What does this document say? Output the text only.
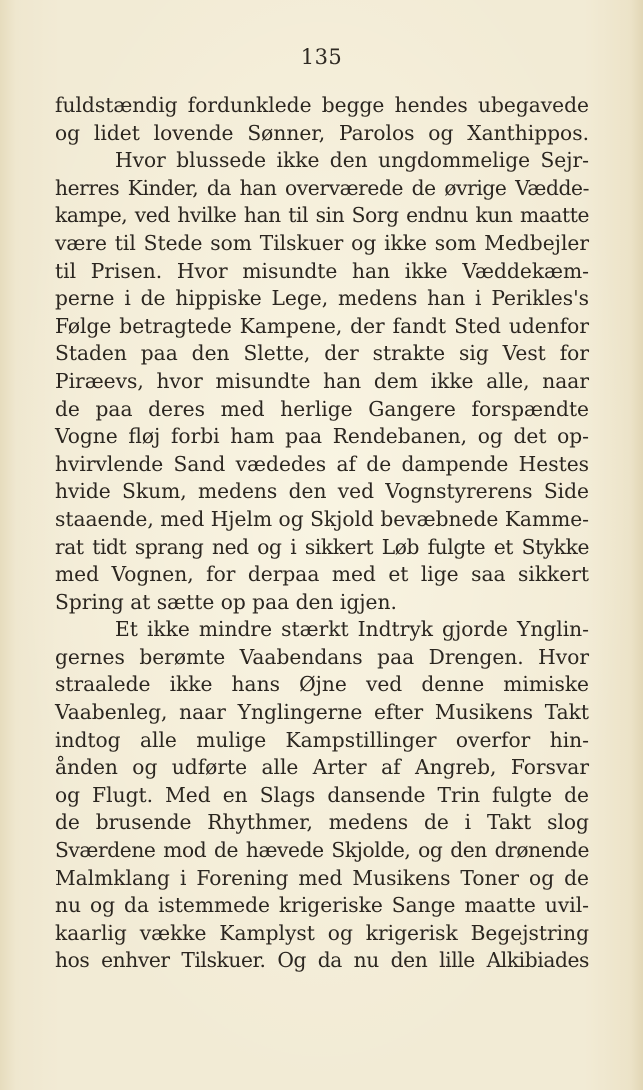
135
fuldstændig fordunklede begge hendes ubegavede
og lidet lovende Sønner, Parolos og Xanthippos.
Hvor blussede ikke den ungdommelige Sejr-
herres Kinder, da han overværede de øvrige Vædde-
kampe, ved hvilke han til sin Sorg endnu kun maatte
være til Stede som Tilskuer og ikke som Medbejler
til Prisen. Hvor misundte han ikke Væddekæm-
perne i de hippiske Lege, medens han i Perikles's
Følge betragtede Kampene, der fandt Sted udenfor
Staden paa den Slette, der strakte sig Vest for
Piræevs, hvor misundte han dem ikke alle, naar
de paa deres med herlige Gangere forspændte
Vogne fløj forbi ham paa Rendebanen, og det op-
hvirvlende Sand vædedes af de dampende Hestes
hvide Skum, medens den ved Vognstyrerens Side
staaende, med Hjelm og Skjold bevæbnede Kamme-
rat tidt sprang ned og i sikkert Løb fulgte et Stykke
med Vognen, for derpaa med et lige saa sikkert
Spring at sætte op paa den igjen.
Et ikke mindre stærkt Indtryk gjorde Ynglin-
gernes berømte Vaabendans paa Drengen. Hvor
straalede ikke hans Øjne ved denne mimiske
Vaabenleg, naar Ynglingerne efter Musikens Takt
indtog alle mulige Kampstillinger overfor hin-
ånden og udførte alle Arter af Angreb, Forsvar
og Flugt. Med en Slags dansende Trin fulgte de
de brusende Rhythmer, medens de i Takt slog
Sværdene mod de hævede Skjolde, og den drønende
Malmklang i Forening med Musikens Toner og de
nu og da istemmede krigeriske Sange maatte uvil-
kaarlig vække Kamplyst og krigerisk Begejstring
hos enhver Tilskuer. Og da nu den lille Alkibiades
